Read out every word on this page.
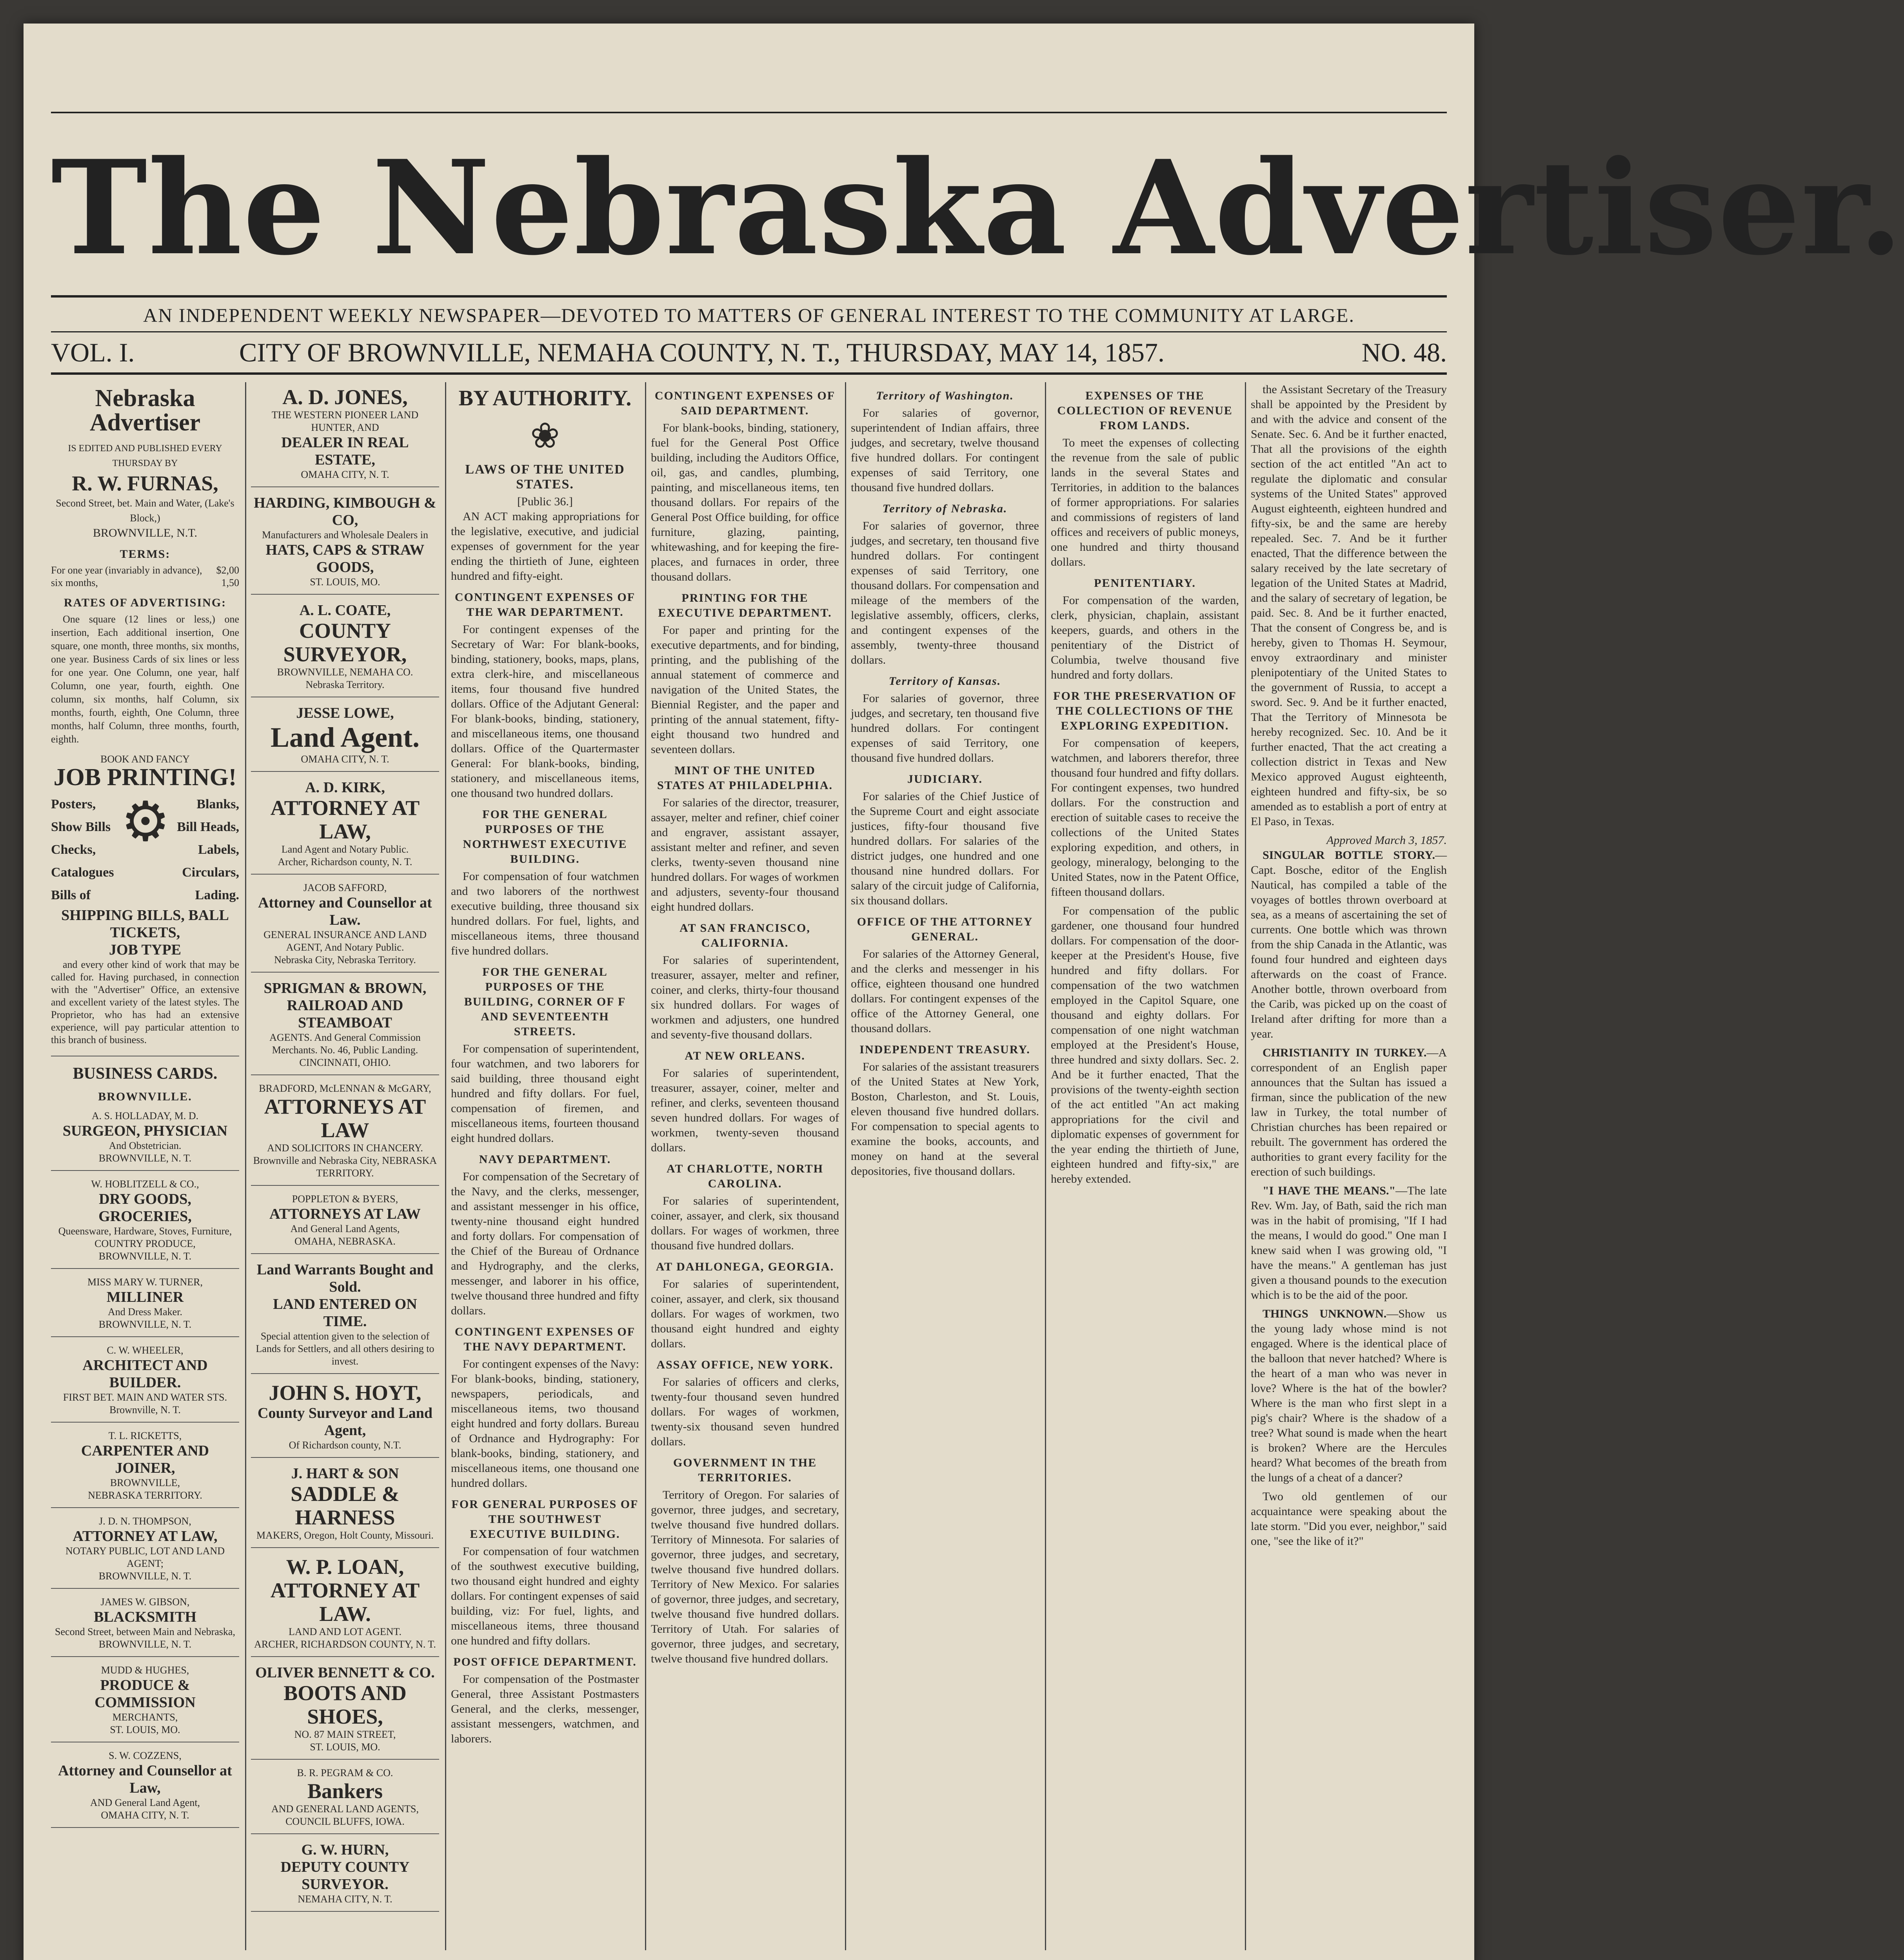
The Nebraska Advertiser.
AN INDEPENDENT WEEKLY NEWSPAPER—DEVOTED TO MATTERS OF GENERAL INTEREST TO THE COMMUNITY AT LARGE.
VOL. I.	CITY OF BROWNVILLE, NEMAHA COUNTY, N. T., THURSDAY, MAY 14, 1857.	NO. 48.
Nebraska Advertiser
IS EDITED AND PUBLISHED EVERY THURSDAY BY
R. W. FURNAS,
Second Street, bet. Main and Water, (Lake's Block,)
BROWNVILLE, N.T.
TERMS:
For one year (invariably in advance), $2,00
six months,	1,50
RATES OF ADVERTISING:

One square (12 lines or less,) one insertion, Each additional insertion, One square, one month, three months, six months, one year. Business Cards of six lines or less for one year. One Column, one year, half Column, one year, fourth, eighth. One column, six months, half Column, six months, fourth, eighth, One Column, three months, half Column, three months, fourth, eighth.

BOOK AND FANCY
JOB PRINTING!
Posters,
Show Bills
Checks,
Catalogues
Bills of
⚙	Blanks,
Bill Heads,
Labels,
Circulars,
Lading.
SHIPPING BILLS, BALL TICKETS,
JOB TYPE

and every other kind of work that may be called for. Having purchased, in connection with the "Advertiser" Office, an extensive and excellent variety of the latest styles. The Proprietor, who has had an extensive experience, will pay particular attention to this branch of business.

BUSINESS CARDS.
BROWNVILLE.
A. S. HOLLADAY, M. D.
SURGEON, PHYSICIAN
And Obstetrician.
BROWNVILLE, N. T.
W. HOBLITZELL & CO.,
DRY GOODS, GROCERIES,
Queensware, Hardware, Stoves, Furniture, COUNTRY PRODUCE,
BROWNVILLE, N. T.
MISS MARY W. TURNER,
MILLINER
And Dress Maker.
BROWNVILLE, N. T.
C. W. WHEELER,
ARCHITECT AND BUILDER.
FIRST BET. MAIN AND WATER STS.
Brownville, N. T.
T. L. RICKETTS,
CARPENTER AND JOINER,
BROWNVILLE,
NEBRASKA TERRITORY.
J. D. N. THOMPSON,
ATTORNEY AT LAW,
NOTARY PUBLIC, LOT AND LAND AGENT;
BROWNVILLE, N. T.
JAMES W. GIBSON,
BLACKSMITH
Second Street, between Main and Nebraska,
BROWNVILLE, N. T.
MUDD & HUGHES,
PRODUCE & COMMISSION
MERCHANTS,
ST. LOUIS, MO.
S. W. COZZENS,
Attorney and Counsellor at Law,
AND General Land Agent,
OMAHA CITY, N. T.
A. D. JONES,
THE WESTERN PIONEER LAND HUNTER, AND
DEALER IN REAL ESTATE,
OMAHA CITY, N. T.
HARDING, KIMBOUGH & CO,
Manufacturers and Wholesale Dealers in
HATS, CAPS & STRAW GOODS,
ST. LOUIS, MO.
A. L. COATE,
COUNTY SURVEYOR,
BROWNVILLE, NEMAHA CO.
Nebraska Territory.
JESSE LOWE,
Land Agent.
OMAHA CITY, N. T.
A. D. KIRK,
ATTORNEY AT LAW,
Land Agent and Notary Public.
Archer, Richardson county, N. T.
JACOB SAFFORD,
Attorney and Counsellor at Law.
GENERAL INSURANCE AND LAND AGENT, And Notary Public.
Nebraska City, Nebraska Territory.
SPRIGMAN & BROWN,
RAILROAD AND STEAMBOAT
AGENTS. And General Commission Merchants. No. 46, Public Landing.
CINCINNATI, OHIO.
BRADFORD, McLENNAN & McGARY,
ATTORNEYS AT LAW
AND SOLICITORS IN CHANCERY.
Brownville and Nebraska City, NEBRASKA TERRITORY.
POPPLETON & BYERS,
ATTORNEYS AT LAW
And General Land Agents,
OMAHA, NEBRASKA.
Land Warrants Bought and Sold.
LAND ENTERED ON TIME.
Special attention given to the selection of Lands for Settlers, and all others desiring to invest.
JOHN S. HOYT,
County Surveyor and Land Agent,
Of Richardson county, N.T.
J. HART & SON
SADDLE & HARNESS
MAKERS, Oregon, Holt County, Missouri.
W. P. LOAN,
ATTORNEY AT LAW.
LAND AND LOT AGENT.
ARCHER, RICHARDSON COUNTY, N. T.
OLIVER BENNETT & CO.
BOOTS AND SHOES,
NO. 87 MAIN STREET,
ST. LOUIS, MO.
B. R. PEGRAM & CO.
Bankers
AND GENERAL LAND AGENTS,
COUNCIL BLUFFS, IOWA.
G. W. HURN,
DEPUTY COUNTY SURVEYOR.
NEMAHA CITY, N. T.
BY AUTHORITY.
❀
LAWS OF THE UNITED STATES.
[Public 36.]

AN ACT making appropriations for the legislative, executive, and judicial expenses of government for the year ending the thirtieth of June, eighteen hundred and fifty-eight.

CONTINGENT EXPENSES OF THE WAR DEPARTMENT.

For contingent expenses of the Secretary of War: For blank-books, binding, stationery, books, maps, plans, extra clerk-hire, and miscellaneous items, four thousand five hundred dollars. Office of the Adjutant General: For blank-books, binding, stationery, and miscellaneous items, one thousand dollars. Office of the Quartermaster General: For blank-books, binding, stationery, and miscellaneous items, one thousand two hundred dollars.

FOR THE GENERAL PURPOSES OF THE NORTHWEST EXECUTIVE BUILDING.

For compensation of four watchmen and two laborers of the northwest executive building, three thousand six hundred dollars. For fuel, lights, and miscellaneous items, three thousand five hundred dollars.

FOR THE GENERAL PURPOSES OF THE BUILDING, CORNER OF F AND SEVENTEENTH STREETS.

For compensation of superintendent, four watchmen, and two laborers for said building, three thousand eight hundred and fifty dollars. For fuel, compensation of firemen, and miscellaneous items, fourteen thousand eight hundred dollars.

NAVY DEPARTMENT.

For compensation of the Secretary of the Navy, and the clerks, messenger, and assistant messenger in his office, twenty-nine thousand eight hundred and forty dollars. For compensation of the Chief of the Bureau of Ordnance and Hydrography, and the clerks, messenger, and laborer in his office, twelve thousand three hundred and fifty dollars.

CONTINGENT EXPENSES OF THE NAVY DEPARTMENT.

For contingent expenses of the Navy: For blank-books, binding, stationery, newspapers, periodicals, and miscellaneous items, two thousand eight hundred and forty dollars. Bureau of Ordnance and Hydrography: For blank-books, binding, stationery, and miscellaneous items, one thousand one hundred dollars.

FOR GENERAL PURPOSES OF THE SOUTHWEST EXECUTIVE BUILDING.

For compensation of four watchmen of the southwest executive building, two thousand eight hundred and eighty dollars. For contingent expenses of said building, viz: For fuel, lights, and miscellaneous items, three thousand one hundred and fifty dollars.

POST OFFICE DEPARTMENT.

For compensation of the Postmaster General, three Assistant Postmasters General, and the clerks, messenger, assistant messengers, watchmen, and laborers.

CONTINGENT EXPENSES OF SAID DEPARTMENT.

For blank-books, binding, stationery, fuel for the General Post Office building, including the Auditors Office, oil, gas, and candles, plumbing, painting, and miscellaneous items, ten thousand dollars. For repairs of the General Post Office building, for office furniture, glazing, painting, whitewashing, and for keeping the fire-places, and furnaces in order, three thousand dollars.

PRINTING FOR THE EXECUTIVE DEPARTMENT.

For paper and printing for the executive departments, and for binding, printing, and the publishing of the annual statement of commerce and navigation of the United States, the Biennial Register, and the paper and printing of the annual statement, fifty-eight thousand two hundred and seventeen dollars.

MINT OF THE UNITED STATES AT PHILADELPHIA.

For salaries of the director, treasurer, assayer, melter and refiner, chief coiner and engraver, assistant assayer, assistant melter and refiner, and seven clerks, twenty-seven thousand nine hundred dollars. For wages of workmen and adjusters, seventy-four thousand eight hundred dollars.

AT SAN FRANCISCO, CALIFORNIA.

For salaries of superintendent, treasurer, assayer, melter and refiner, coiner, and clerks, thirty-four thousand six hundred dollars. For wages of workmen and adjusters, one hundred and seventy-five thousand dollars.

AT NEW ORLEANS.

For salaries of superintendent, treasurer, assayer, coiner, melter and refiner, and clerks, seventeen thousand seven hundred dollars. For wages of workmen, twenty-seven thousand dollars.

AT CHARLOTTE, NORTH CAROLINA.

For salaries of superintendent, coiner, assayer, and clerk, six thousand dollars. For wages of workmen, three thousand five hundred dollars.

AT DAHLONEGA, GEORGIA.

For salaries of superintendent, coiner, assayer, and clerk, six thousand dollars. For wages of workmen, two thousand eight hundred and eighty dollars.

ASSAY OFFICE, NEW YORK.

For salaries of officers and clerks, twenty-four thousand seven hundred dollars. For wages of workmen, twenty-six thousand seven hundred dollars.

GOVERNMENT IN THE TERRITORIES.

Territory of Oregon. For salaries of governor, three judges, and secretary, twelve thousand five hundred dollars. Territory of Minnesota. For salaries of governor, three judges, and secretary, twelve thousand five hundred dollars. Territory of New Mexico. For salaries of governor, three judges, and secretary, twelve thousand five hundred dollars. Territory of Utah. For salaries of governor, three judges, and secretary, twelve thousand five hundred dollars.

Territory of Washington.

For salaries of governor, superintendent of Indian affairs, three judges, and secretary, twelve thousand five hundred dollars. For contingent expenses of said Territory, one thousand five hundred dollars.

Territory of Nebraska.

For salaries of governor, three judges, and secretary, ten thousand five hundred dollars. For contingent expenses of said Territory, one thousand dollars. For compensation and mileage of the members of the legislative assembly, officers, clerks, and contingent expenses of the assembly, twenty-three thousand dollars.

Territory of Kansas.

For salaries of governor, three judges, and secretary, ten thousand five hundred dollars. For contingent expenses of said Territory, one thousand five hundred dollars.

JUDICIARY.

For salaries of the Chief Justice of the Supreme Court and eight associate justices, fifty-four thousand five hundred dollars. For salaries of the district judges, one hundred and one thousand nine hundred dollars. For salary of the circuit judge of California, six thousand dollars.

OFFICE OF THE ATTORNEY GENERAL.

For salaries of the Attorney General, and the clerks and messenger in his office, eighteen thousand one hundred dollars. For contingent expenses of the office of the Attorney General, one thousand dollars.

INDEPENDENT TREASURY.

For salaries of the assistant treasurers of the United States at New York, Boston, Charleston, and St. Louis, eleven thousand five hundred dollars. For compensation to special agents to examine the books, accounts, and money on hand at the several depositories, five thousand dollars.

EXPENSES OF THE COLLECTION OF REVENUE FROM LANDS.

To meet the expenses of collecting the revenue from the sale of public lands in the several States and Territories, in addition to the balances of former appropriations. For salaries and commissions of registers of land offices and receivers of public moneys, one hundred and thirty thousand dollars.

PENITENTIARY.

For compensation of the warden, clerk, physician, chaplain, assistant keepers, guards, and others in the penitentiary of the District of Columbia, twelve thousand five hundred and forty dollars.

FOR THE PRESERVATION OF THE COLLECTIONS OF THE EXPLORING EXPEDITION.

For compensation of keepers, watchmen, and laborers therefor, three thousand four hundred and fifty dollars. For contingent expenses, two hundred dollars. For the construction and erection of suitable cases to receive the collections of the United States exploring expedition, and others, in geology, mineralogy, belonging to the United States, now in the Patent Office, fifteen thousand dollars.

For compensation of the public gardener, one thousand four hundred dollars. For compensation of the door-keeper at the President's House, five hundred and fifty dollars. For compensation of the two watchmen employed in the Capitol Square, one thousand and eighty dollars. For compensation of one night watchman employed at the President's House, three hundred and sixty dollars. Sec. 2. And be it further enacted, That the provisions of the twenty-eighth section of the act entitled "An act making appropriations for the civil and diplomatic expenses of government for the year ending the thirtieth of June, eighteen hundred and fifty-six," are hereby extended.

the Assistant Secretary of the Treasury shall be appointed by the President by and with the advice and consent of the Senate. Sec. 6. And be it further enacted, That all the provisions of the eighth section of the act entitled "An act to regulate the diplomatic and consular systems of the United States" approved August eighteenth, eighteen hundred and fifty-six, be and the same are hereby repealed. Sec. 7. And be it further enacted, That the difference between the salary received by the late secretary of legation of the United States at Madrid, and the salary of secretary of legation, be paid. Sec. 8. And be it further enacted, That the consent of Congress be, and is hereby, given to Thomas H. Seymour, envoy extraordinary and minister plenipotentiary of the United States to the government of Russia, to accept a sword. Sec. 9. And be it further enacted, That the Territory of Minnesota be hereby recognized. Sec. 10. And be it further enacted, That the act creating a collection district in Texas and New Mexico approved August eighteenth, eighteen hundred and fifty-six, be so amended as to establish a port of entry at El Paso, in Texas.

Approved March 3, 1857.

SINGULAR BOTTLE STORY.—Capt. Bosche, editor of the English Nautical, has compiled a table of the voyages of bottles thrown overboard at sea, as a means of ascertaining the set of currents. One bottle which was thrown from the ship Canada in the Atlantic, was found four hundred and eighteen days afterwards on the coast of France. Another bottle, thrown overboard from the Carib, was picked up on the coast of Ireland after drifting for more than a year.

CHRISTIANITY IN TURKEY.—A correspondent of an English paper announces that the Sultan has issued a firman, since the publication of the new law in Turkey, the total number of Christian churches has been repaired or rebuilt. The government has ordered the authorities to grant every facility for the erection of such buildings.

"I HAVE THE MEANS."—The late Rev. Wm. Jay, of Bath, said the rich man was in the habit of promising, "If I had the means, I would do good." One man I knew said when I was growing old, "I have the means." A gentleman has just given a thousand pounds to the execution which is to be the aid of the poor.

THINGS UNKNOWN.—Show us the young lady whose mind is not engaged. Where is the identical place of the balloon that never hatched? Where is the heart of a man who was never in love? Where is the hat of the bowler? Where is the man who first slept in a pig's chair? Where is the shadow of a tree? What sound is made when the heart is broken? Where are the Hercules heard? What becomes of the breath from the lungs of a cheat of a dancer?

Two old gentlemen of our acquaintance were speaking about the late storm. "Did you ever, neighbor," said one, "see the like of it?"
